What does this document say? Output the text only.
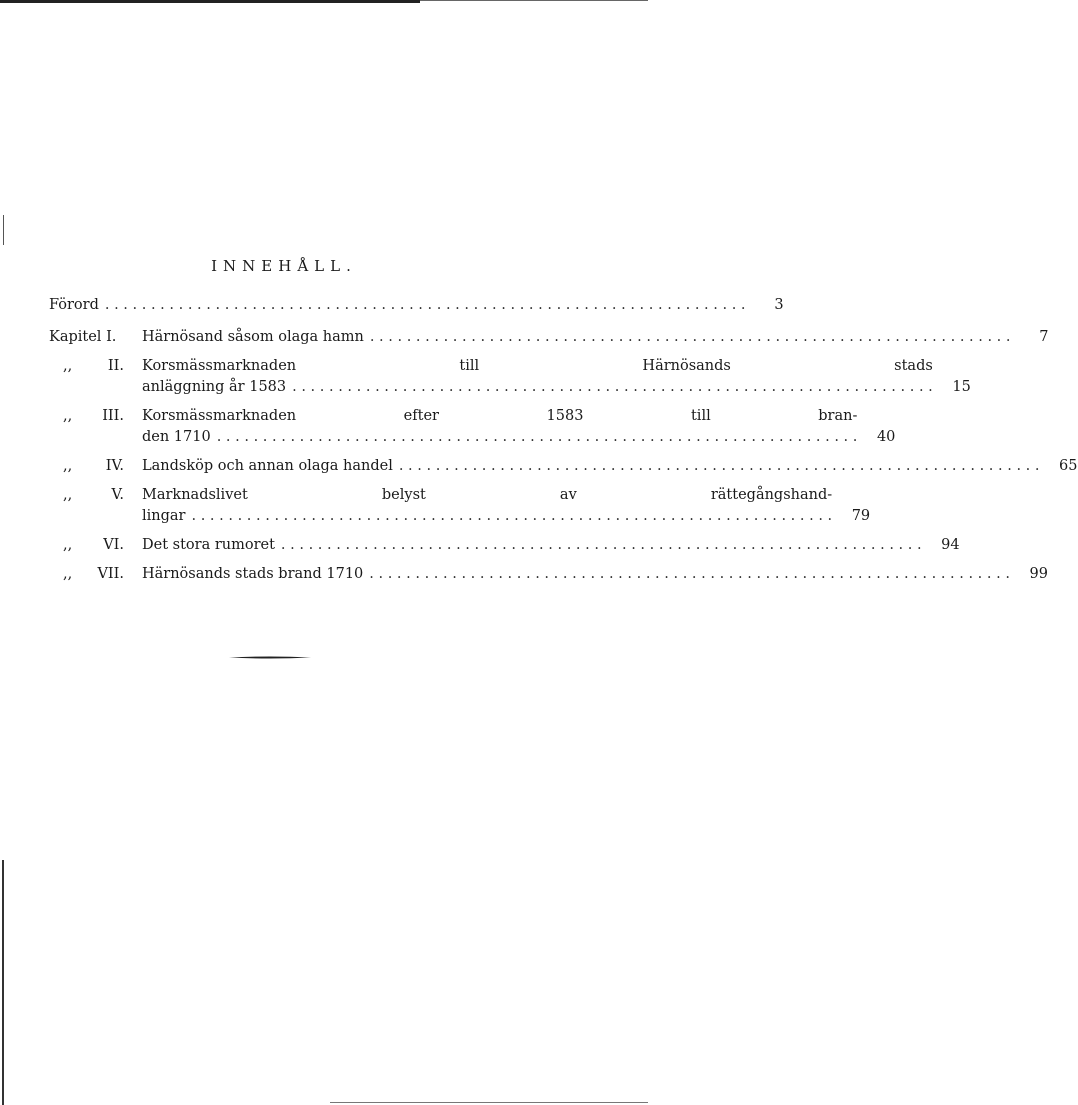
INNEHÅLL.
Förord . . .	3
Kapitel I. Härnösand såsom olaga hamn . . .	7
,, II. Korsmässmarknaden till Härnösands stads
anläggning år 1583 . . .	15
,, III. Korsmässmarknaden efter 1583 till bran-
den 1710 . . .	40
,, IV. Landsköp och annan olaga handel . . .	65
,,	V. Marknadslivet belyst av rättegångshand-
lingar . . .	79
,, VI. Det stora rumoret . . .	94
,, VII. Härnösands stads brand 1710 . . .	99
